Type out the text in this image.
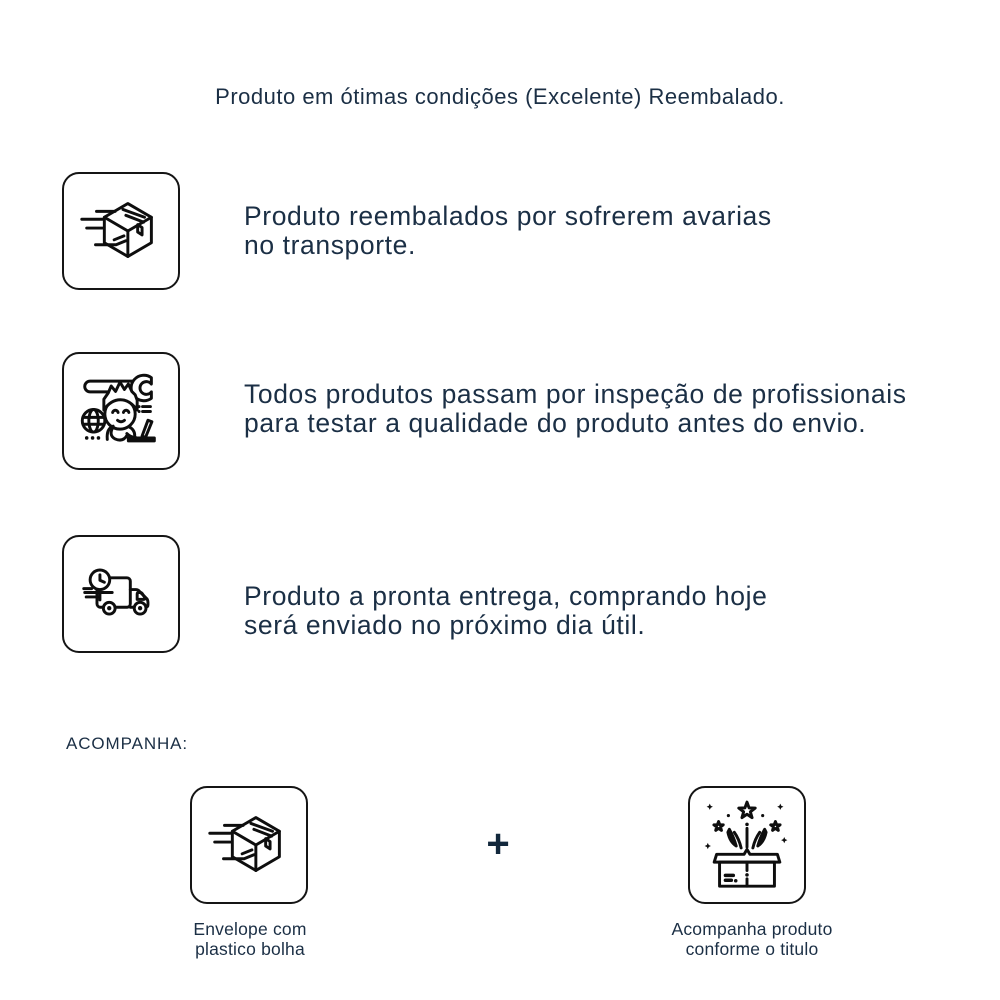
Produto em ótimas condições (Excelente) Reembalado.
Produto reembalados por sofrerem avarias
no transporte.
Todos produtos passam por inspeção de profissionais
para testar a qualidade do produto antes do envio.
Produto a pronta entrega, comprando hoje
será enviado no próximo dia útil.
ACOMPANHA:
+
Envelope com
plastico bolha
Acompanha produto
conforme o titulo
